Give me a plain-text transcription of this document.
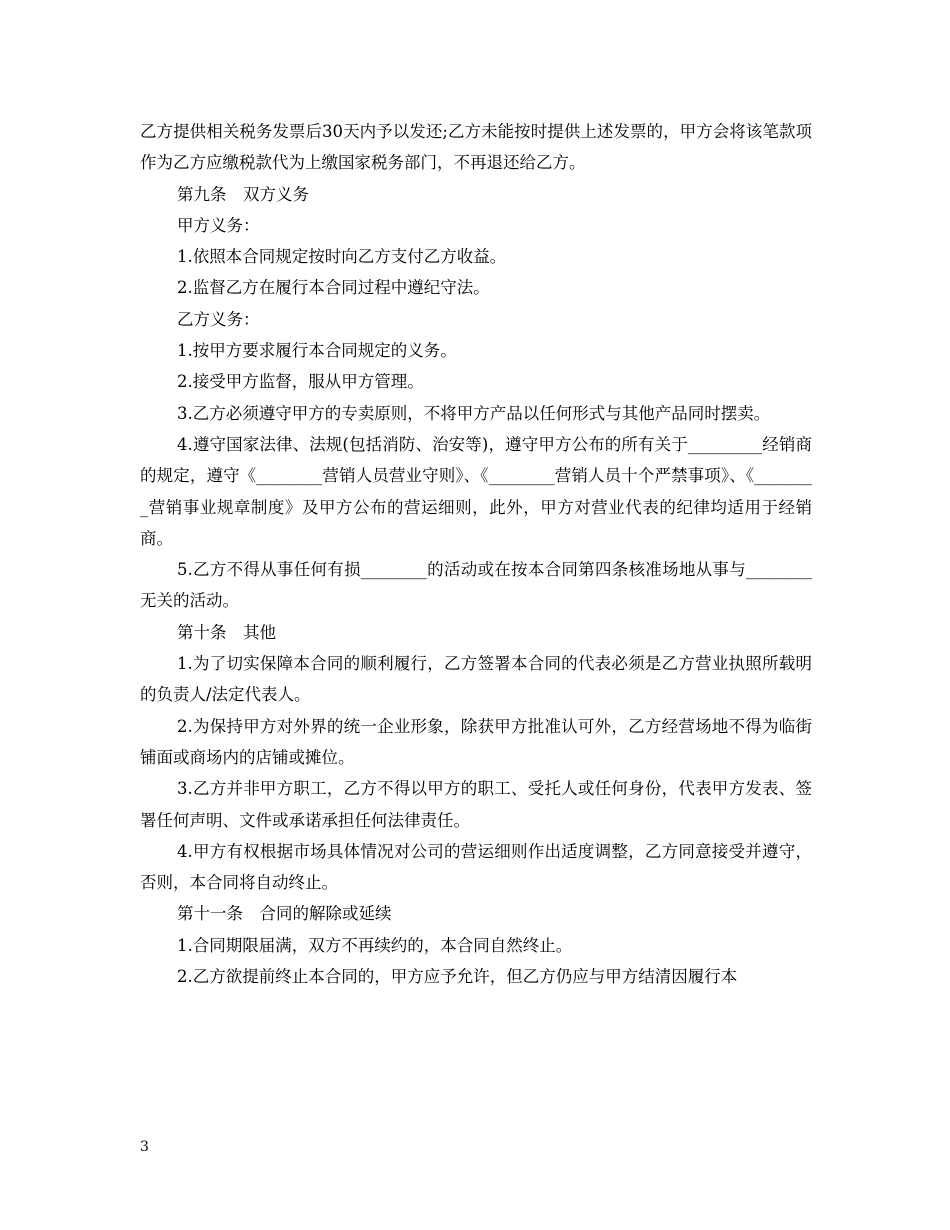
乙方提供相关税务发票后30天内予以发还;乙方未能按时提供上述发票的，甲方会将该笔款项作为乙方应缴税款代为上缴国家税务部门，不再退还给乙方。

第九条　双方义务

甲方义务：

1.依照本合同规定按时向乙方支付乙方收益。

2.监督乙方在履行本合同过程中遵纪守法。

乙方义务：

1.按甲方要求履行本合同规定的义务。

2.接受甲方监督，服从甲方管理。

3.乙方必须遵守甲方的专卖原则，不将甲方产品以任何形式与其他产品同时摆卖。

4.遵守国家法律、法规(包括消防、治安等)，遵守甲方公布的所有关于_________经销商的规定，遵守《________营销人员营业守则》、《________营销人员十个严禁事项》、《________营销事业规章制度》及甲方公布的营运细则，此外，甲方对营业代表的纪律均适用于经销商。

5.乙方不得从事任何有损________的活动或在按本合同第四条核准场地从事与________无关的活动。

第十条　其他

1.为了切实保障本合同的顺利履行，乙方签署本合同的代表必须是乙方营业执照所载明的负责人/法定代表人。

2.为保持甲方对外界的统一企业形象，除获甲方批准认可外，乙方经营场地不得为临街铺面或商场内的店铺或摊位。

3.乙方并非甲方职工，乙方不得以甲方的职工、受托人或任何身份，代表甲方发表、签署任何声明、文件或承诺承担任何法律责任。

4.甲方有权根据市场具体情况对公司的营运细则作出适度调整，乙方同意接受并遵守，否则，本合同将自动终止。

第十一条　合同的解除或延续

1.合同期限届满，双方不再续约的，本合同自然终止。

2.乙方欲提前终止本合同的，甲方应予允许，但乙方仍应与甲方结清因履行本

3
